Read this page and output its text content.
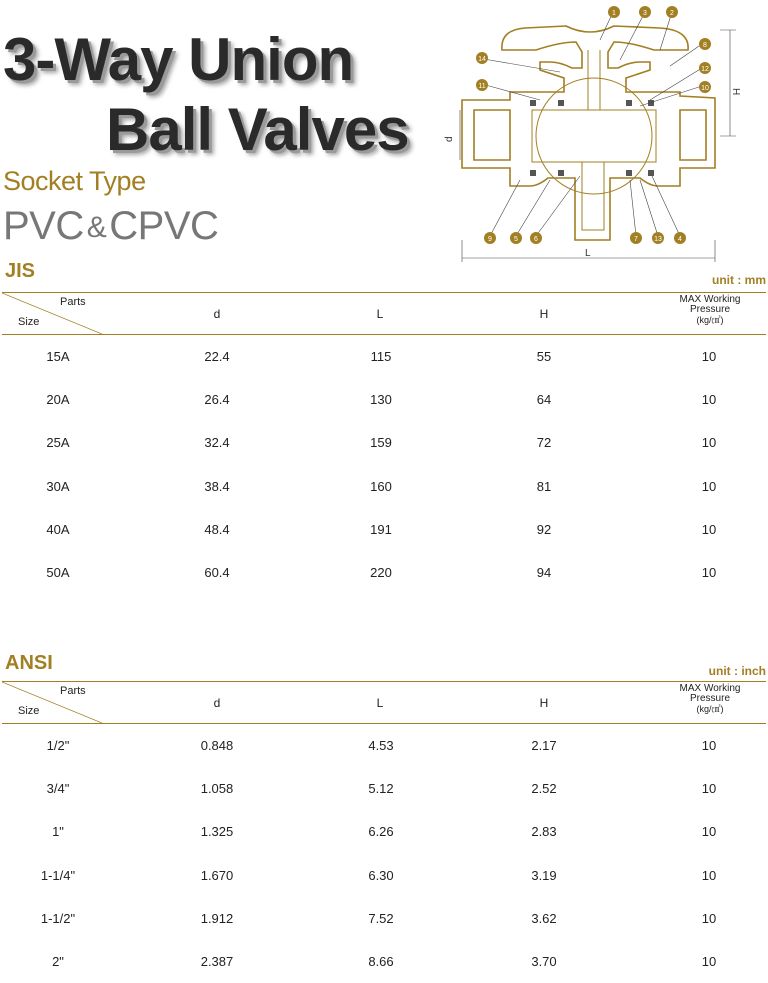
3-Way Union
Ball Valves
Socket Type
PVC &CPVC
1	3	2
8
14
12
11	10
9	5 6	7 13 4
H
d
L
JIS	unit : mm
Parts
Size
d	L	H
MAX Working
Pressure
(kg/㎠)
15A	22.4	115	55	10
20A	26.4	130	64	10
25A	32.4	159	72	10
30A	38.4	160	81	10
40A	48.4	191	92	10
50A	60.4	220	94	10
ANSI	unit : inch
Parts
Size
d	L	H
MAX Working
Pressure
(kg/㎠)
1/2"	0.848	4.53	2.17	10
3/4"	1.058	5.12	2.52	10
1"	1.325	6.26	2.83	10
1-1/4"	1.670	6.30	3.19	10
1-1/2"	1.912	7.52	3.62	10
2"	2.387	8.66	3.70	10
